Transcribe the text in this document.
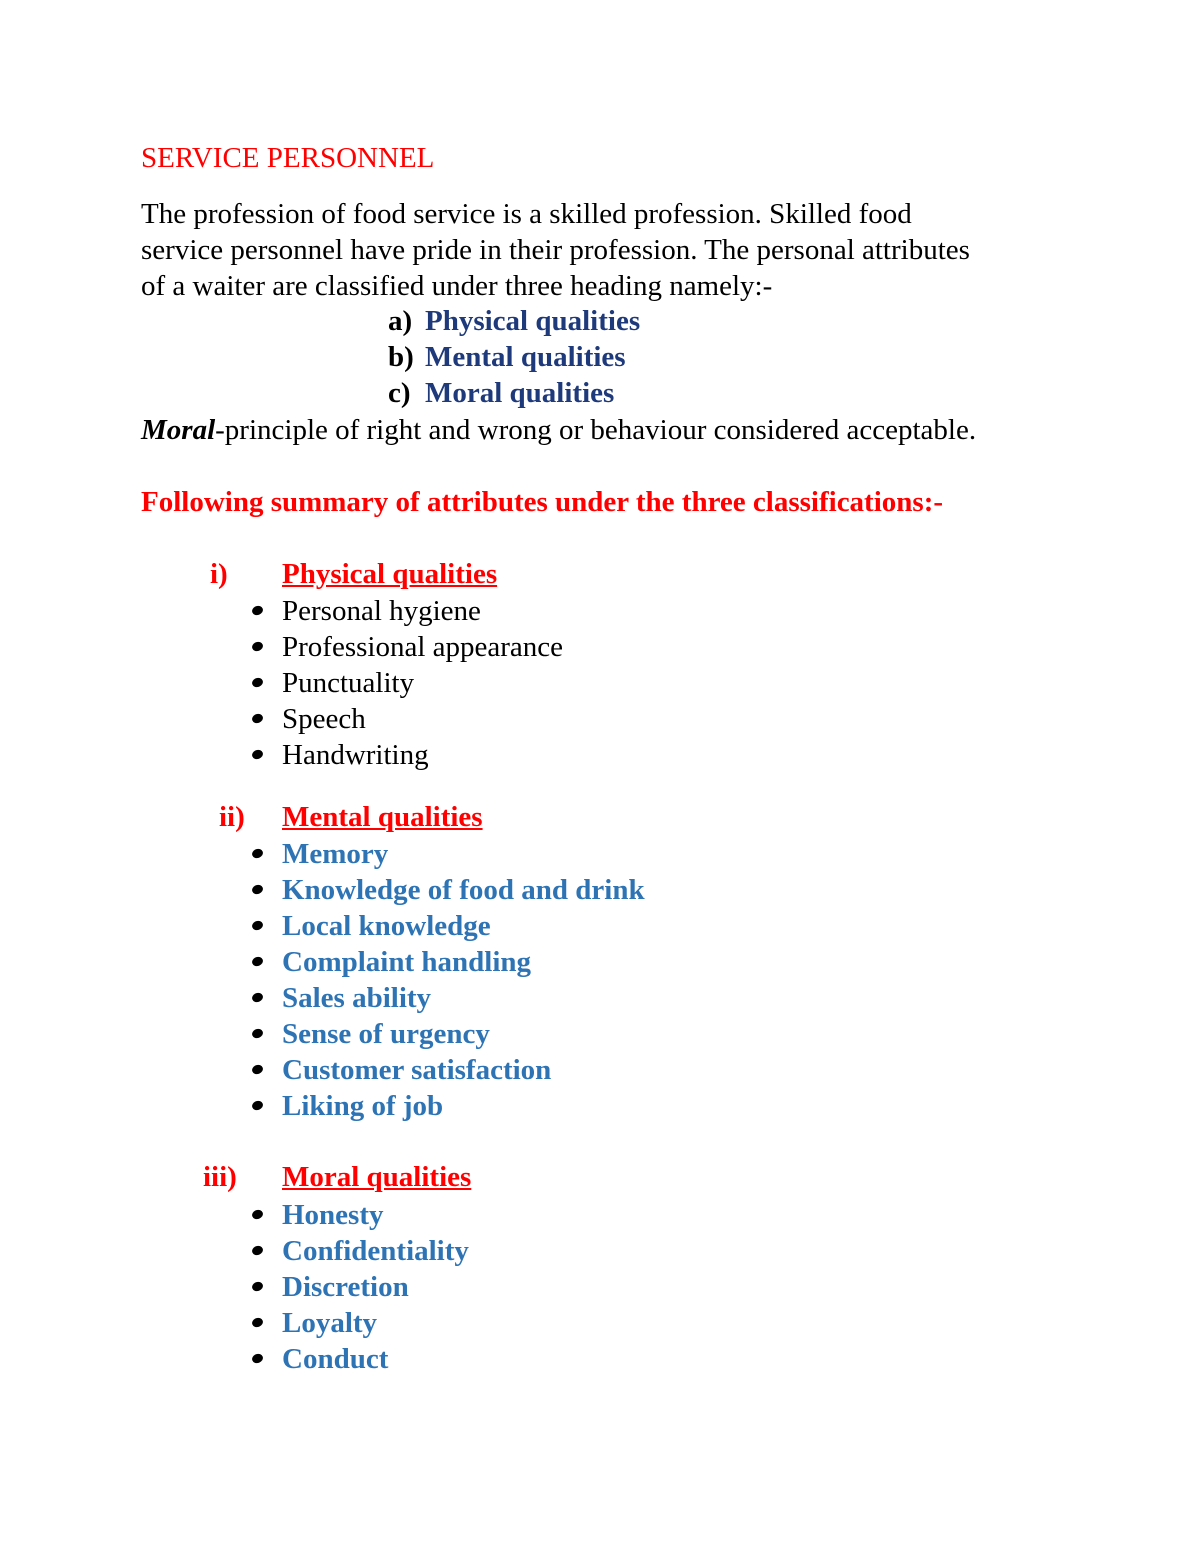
SERVICE PERSONNEL

The profession of food service is a skilled profession. Skilled food

service personnel have pride in their profession. The personal attributes

of a waiter are classified under three heading namely:-

a) Physical qualities
b) Mental qualities
c) Moral qualities
Moral-principle of right and wrong or behaviour considered acceptable.
Following summary of attributes under the three classifications:-
i) Physical qualities
Personal hygiene
Professional appearance
Punctuality
Speech
Handwriting
ii) Mental qualities
Memory
Knowledge of food and drink
Local knowledge
Complaint handling
Sales ability
Sense of urgency
Customer satisfaction
Liking of job
iii) Moral qualities
Honesty
Confidentiality
Discretion
Loyalty
Conduct
